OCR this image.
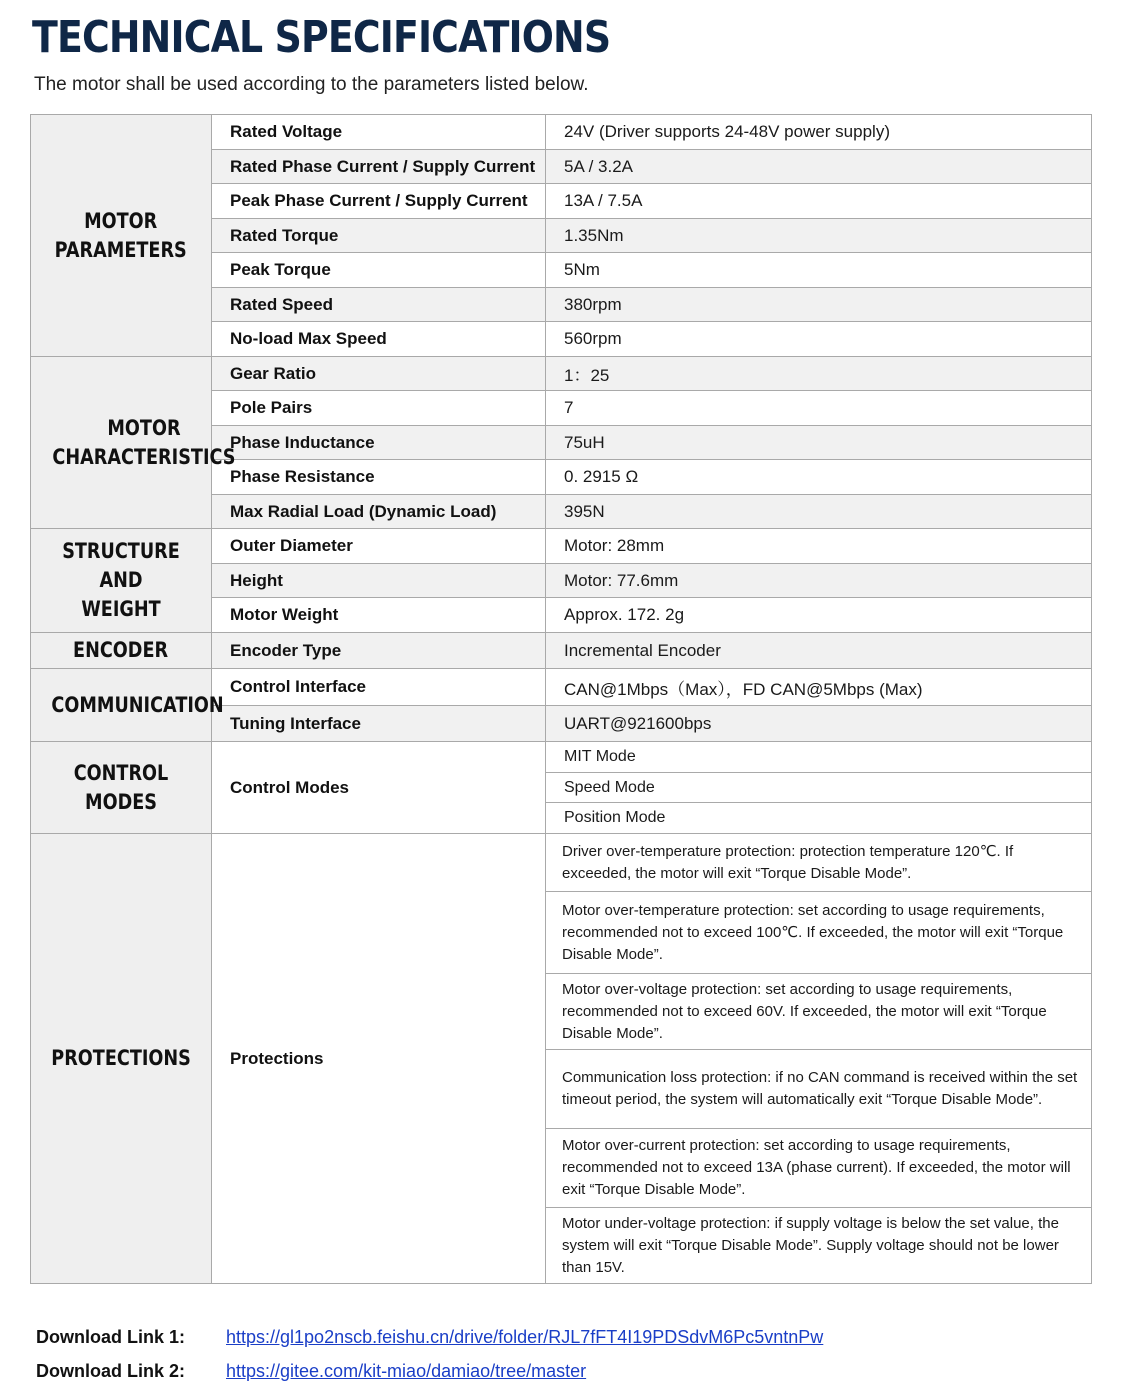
TECHNICAL SPECIFICATIONS
The motor shall be used according to the parameters listed below.
MOTOR
PARAMETERS	Rated Voltage	24V (Driver supports 24-48V power supply)
	Rated Phase Current / Supply Current	5A / 3.2A
	Peak Phase Current / Supply Current	13A / 7.5A
	Rated Torque	1.35Nm
	Peak Torque	5Nm
	Rated Speed	380rpm
	No-load Max Speed	560rpm
MOTOR
CHARACTERISTICS	Gear Ratio	1：25
	Pole Pairs	7
	Phase Inductance	75uH
	Phase Resistance	0. 2915 Ω
	Max Radial Load (Dynamic Load)	395N
STRUCTURE AND
WEIGHT	Outer Diameter	Motor: 28mm
	Height	Motor: 77.6mm
	Motor Weight	Approx. 172. 2g
ENCODER	Encoder Type	Incremental Encoder
COMMUNICATION	Control Interface	CAN@1Mbps（Max），FD CAN@5Mbps (Max)
	Tuning Interface	UART@921600bps
CONTROL MODES	Control Modes	MIT Mode
		Speed Mode
		Position Mode
PROTECTIONS	Protections	Driver over-temperature protection: protection temperature 120℃. If exceeded, the motor will exit “Torque Disable Mode”.
		Motor over-temperature protection: set according to usage requirements, recommended not to exceed 100℃. If exceeded, the motor will exit “Torque Disable Mode”.
		Motor over-voltage protection: set according to usage requirements, recommended not to exceed 60V. If exceeded, the motor will exit “Torque Disable Mode”.
		Communication loss protection: if no CAN command is received within the set timeout period, the system will automatically exit “Torque Disable Mode”.
		Motor over-current protection: set according to usage requirements, recommended not to exceed 13A (phase current). If exceeded, the motor will exit “Torque Disable Mode”.
		Motor under-voltage protection: if supply voltage is below the set value, the system will exit “Torque Disable Mode”. Supply voltage should not be lower than 15V.
Download Link 1:	https://gl1po2nscb.feishu.cn/drive/folder/RJL7fFT4I19PDSdvM6Pc5vntnPw
Download Link 2:	https://gitee.com/kit-miao/damiao/tree/master
